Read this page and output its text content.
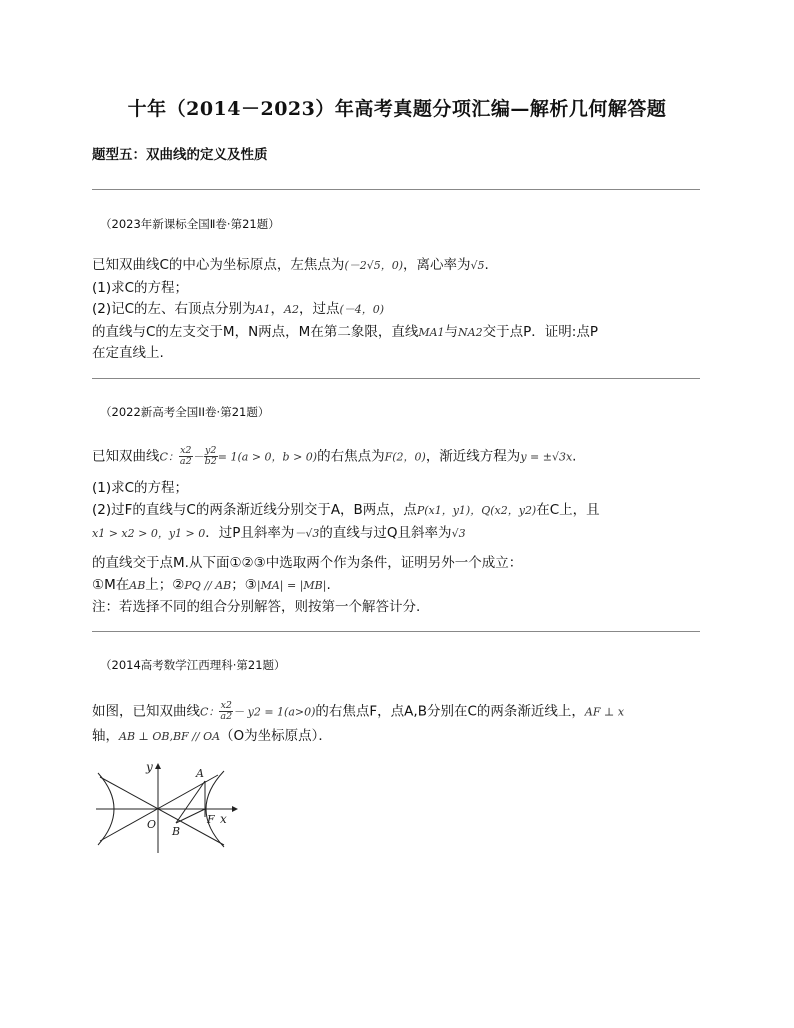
十年（2014－2023）年高考真题分项汇编—解析几何解答题
题型五：双曲线的定义及性质
（2023年新课标全国Ⅱ卷·第21题）
已知双曲线C的中心为坐标原点，左焦点为(－2√5，0)，离心率为√5.
(1)求C的方程；
(2)记C的左、右顶点分别为A1，A2，过点(－4，0)
的直线与C的左支交于M，N两点，M在第二象限，直线MA1与NA2交于点P．证明:点P
在定直线上.
（2022新高考全国II卷·第21题）
已知双曲线C： $\frac{x2}{a2} - \frac{y2}{b2} = 1(a > 0$，b > 0)的右焦点为F(2，0)，渐近线方程为y = ±√3x.
(1)求C的方程；
(2)过F的直线与C的两条渐近线分别交于A，B两点，点P(x1，y1)，Q(x2，y2)在C上，且
x1 > x2 > 0，y1 > 0．过P且斜率为－√3的直线与过Q且斜率为√3
的直线交于点M.从下面①②③中选取两个作为条件，证明另外一个成立：
①M在AB上；②PQ // AB；③|MA| = |MB|.
注：若选择不同的组合分别解答，则按第一个解答计分.
（2014高考数学江西理科·第21题）
如图，已知双曲线C： $\frac{x2}{a2} - y2 = 1(a>0)$的右焦点F，点A,B分别在C的两条渐近线上，AF ⊥ x
轴，AB ⊥ OB,BF // OA（O为坐标原点）．
y
x
A
B
O	F
